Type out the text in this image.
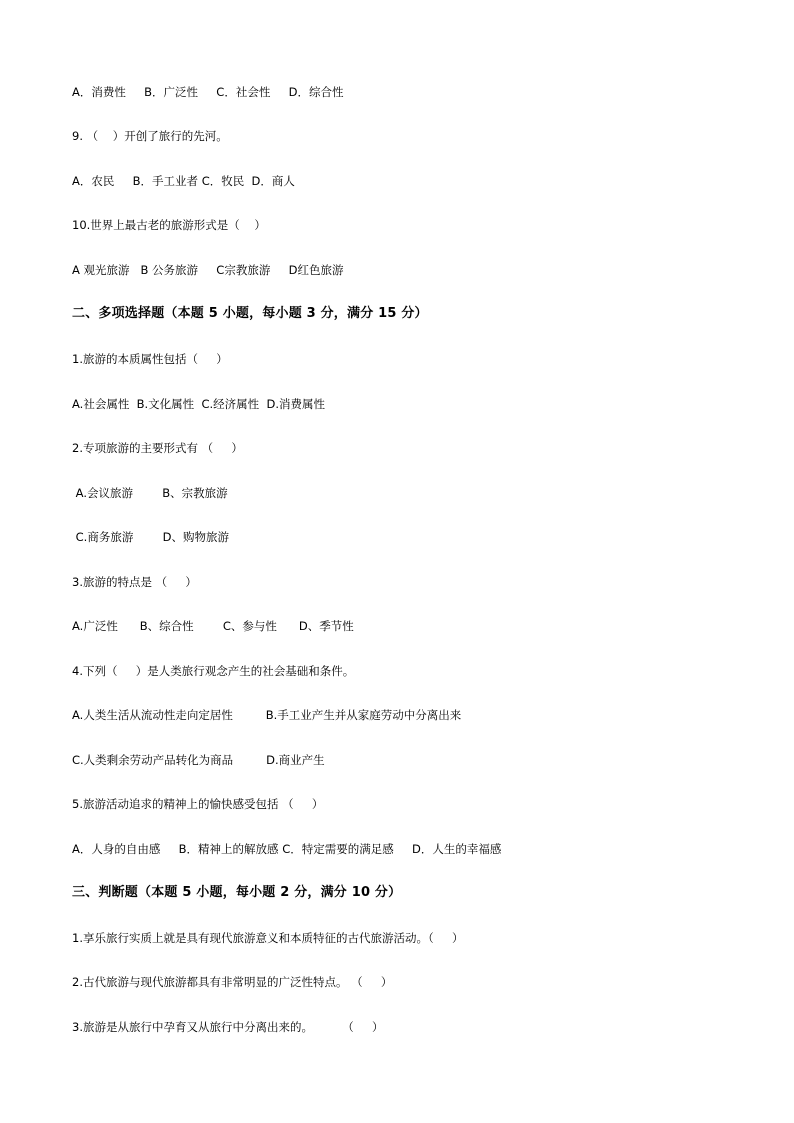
A．消费性     B．广泛性     C．社会性     D．综合性
9. （    ）开创了旅行的先河。
A．农民     B．手工业者 C．牧民  D．商人
10.世界上最古老的旅游形式是（    ）
A 观光旅游   B 公务旅游     C宗教旅游     D红色旅游
二、多项选择题（本题 5 小题，每小题 3 分，满分 15 分）
1.旅游的本质属性包括（     ）
A.社会属性  B.文化属性  C.经济属性  D.消费属性
2.专项旅游的主要形式有 （     ）
A.会议旅游        B、宗教旅游
C.商务旅游        D、购物旅游
3.旅游的特点是 （     ）
A.广泛性      B、综合性        C、参与性      D、季节性
4.下列（     ）是人类旅行观念产生的社会基础和条件。
A.人类生活从流动性走向定居性         B.手工业产生并从家庭劳动中分离出来
C.人类剩余劳动产品转化为商品         D.商业产生
5.旅游活动追求的精神上的愉快感受包括 （     ）
A．人身的自由感     B．精神上的解放感 C．特定需要的满足感     D．人生的幸福感
三、判断题（本题 5 小题，每小题 2 分，满分 10 分）
1.享乐旅行实质上就是具有现代旅游意义和本质特征的古代旅游活动。（     ）
2.古代旅游与现代旅游都具有非常明显的广泛性特点。 （     ）
3.旅游是从旅行中孕育又从旅行中分离出来的。        （     ）
